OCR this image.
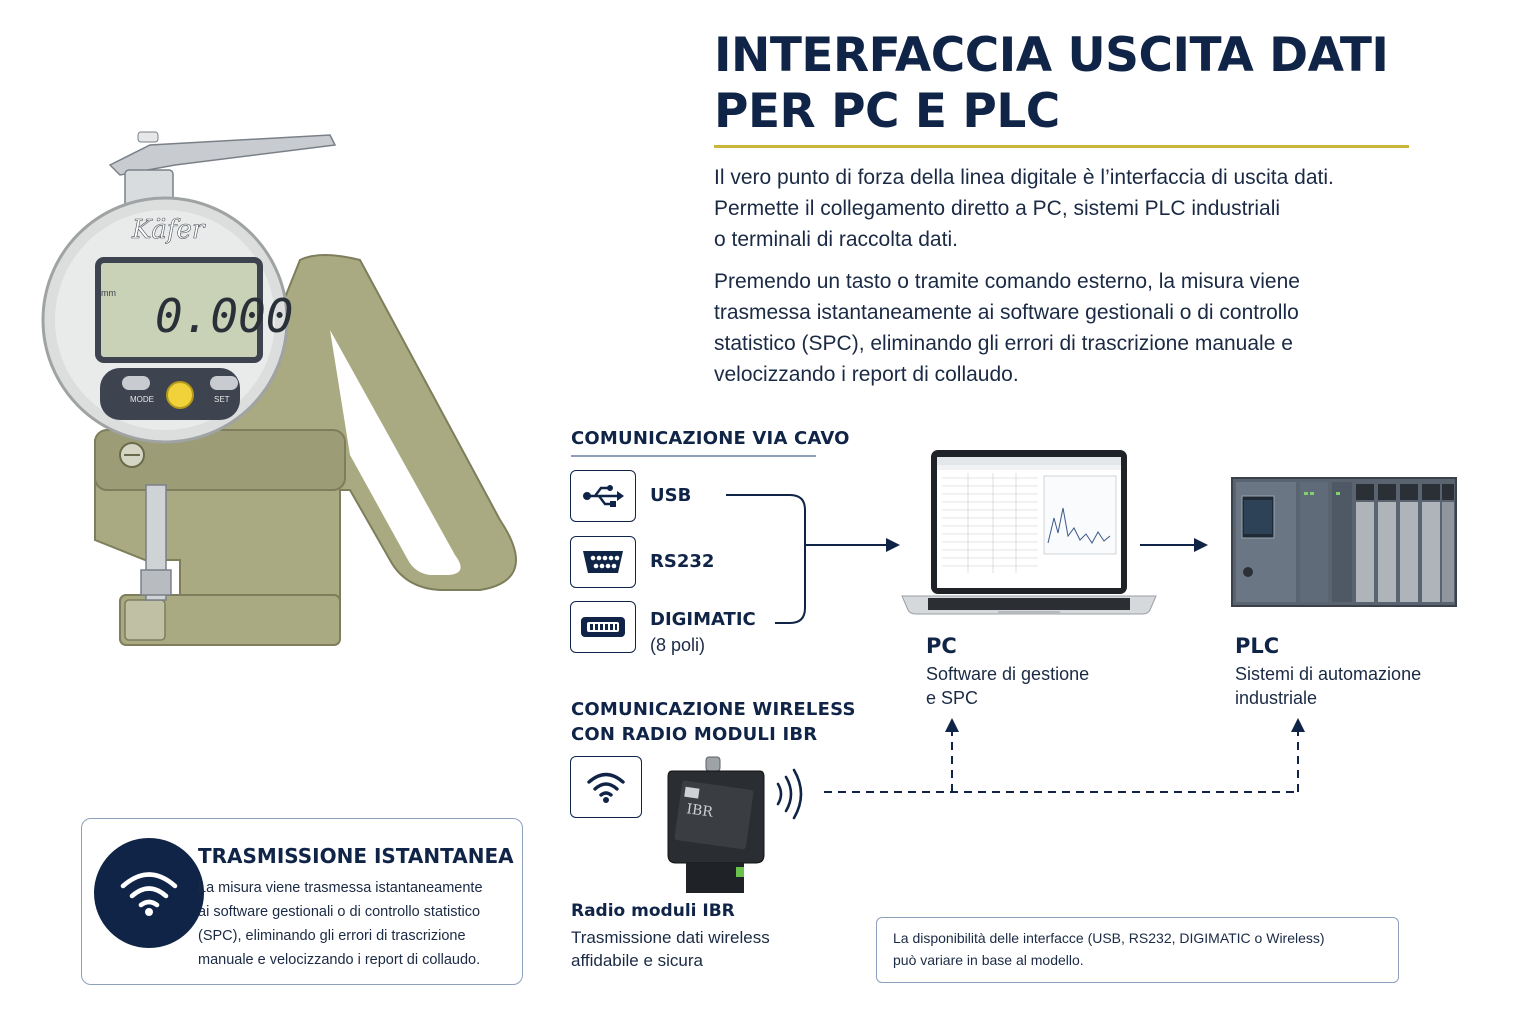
INTERFACCIA USCITA DATI
PER PC E PLC

Il vero punto di forza della linea digitale è l’interfaccia di uscita dati.
Permette il collegamento diretto a PC, sistemi PLC industriali
o terminali di raccolta dati.

Premendo un tasto o tramite comando esterno, la misura viene
trasmessa istantaneamente ai software gestionali o di controllo
statistico (SPC), eliminando gli errori di trascrizione manuale e
velocizzando i report di collaudo.

MODE	SET
Käfer
mm 0.000
COMUNICAZIONE VIA CAVO
USB
RS232
DIGIMATIC
(8 poli)	PC
Software di gestione
e SPC
PLC
Sistemi di automazione
industriale
COMUNICAZIONE WIRELESS
CON RADIO MODULI IBR
IBR
Radio moduli IBR
Trasmissione dati wireless
affidabile e sicura
TRASMISSIONE ISTANTANEA
La misura viene trasmessa istantaneamente
ai software gestionali o di controllo statistico
(SPC), eliminando gli errori di trascrizione
manuale e velocizzando i report di collaudo.
La disponibilità delle interfacce (USB, RS232, DIGIMATIC o Wireless)
può variare in base al modello.
